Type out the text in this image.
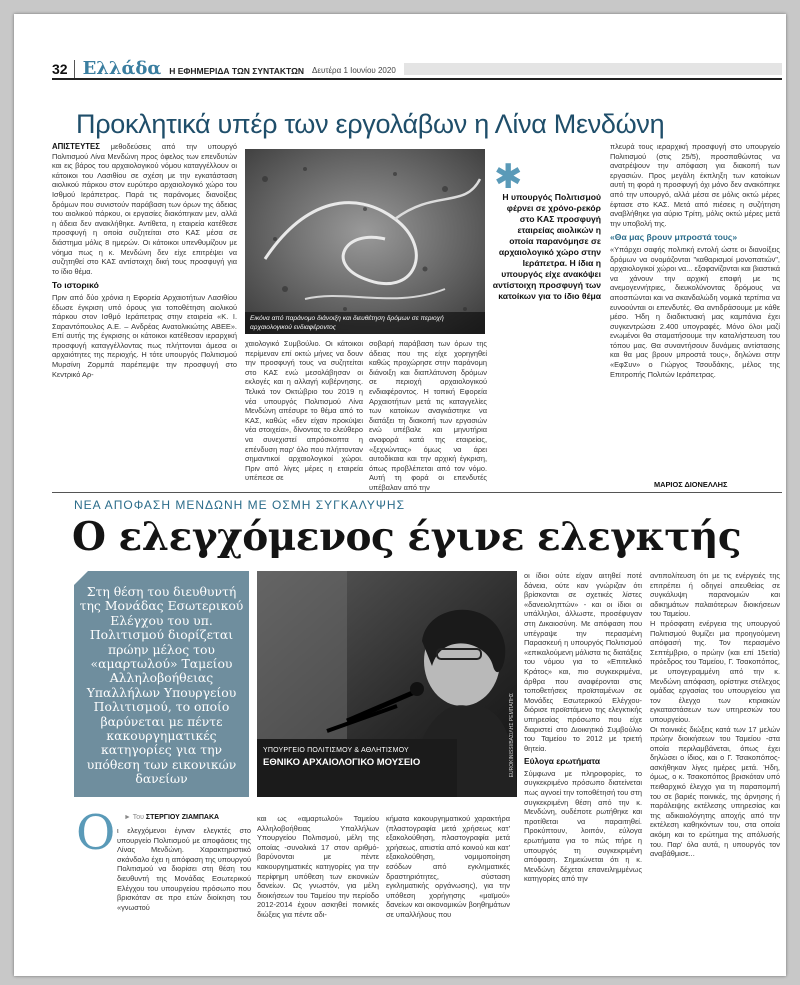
32 Ελλάδα Η ΕΦΗΜΕΡΙΔΑ ΤΩΝ ΣΥΝΤΑΚΤΩΝ Δευτέρα 1 Ιουνίου 2020
Προκλητικά υπέρ των εργολάβων η Λίνα Μενδώνη
ΑΠΙΣΤΕΥΤΕΣ μεθοδεύσεις από την υπουργό Πολιτισμού Λίνα Μενδώνη προς όφελος των επενδυτών και εις βάρος του αρχαιολογικού νόμου καταγγέλλουν οι κάτοικοι του Λασιθίου σε σχέση με την εγκατάσταση αιολικού πάρκου στον ευρύτερο αρχαιολογικό χώρο του Ισθμού Ιεράπετρας. Παρά τις παράνομες διανοίξεις δρόμων που συνιστούν παράβαση των όρων της άδειας του αιολικού πάρκου, οι εργασίες διακόπηκαν μεν, αλλά η άδεια δεν ανακλήθηκε. Αντίθετα, η εταιρεία κατέθεσε προσφυγή η οποία συζητείται στο ΚΑΣ μέσα σε διάστημα μόλις 8 ημερών. Οι κάτοικοι υπενθυμίζουν με νόημα πως η κ. Μενδώνη δεν είχε επιτρέψει να συζητηθεί στο ΚΑΣ αντίστοιχη δική τους προσφυγή για το ίδιο θέμα.
Το ιστορικό
Πριν από δύο χρόνια η Εφορεία Αρχαιοτήτων Λασιθίου έδωσε έγκριση υπό όρους για τοποθέτηση αιολικού πάρκου στον Ισθμό Ιεράπετρας στην εταιρεία «Κ. Ι. Σαραντόπουλος Α.Ε. – Ανδρέας Ανατολικιώτης ΑΒΕΕ». Επί αυτής της έγκρισης οι κάτοικοι κατέθεσαν ιεραρχική προσφυγή καταγγέλλοντας πως πλήττονται άμεσα οι αρχαιότητες της περιοχής. Η τότε υπουργός Πολιτισμού Μυρσίνη Ζορμπά παρέπεμψε την προσφυγή στο Κεντρικό Αρ-
Εικόνα από παράνομο διάνοιξη και διευθέτηση δρόμων σε περιοχή αρχαιολογικού ενδιαφέροντος
✱
Η υπουργός Πολιτισμού φέρνει σε χρόνο-ρεκόρ στο ΚΑΣ προσφυγή εταιρείας αιολικών η οποία παρανόμησε σε αρχαιολογικό χώρο στην Ιεράπετρα. Η ίδια η υπουργός είχε ανακόψει αντίστοιχη προσφυγή των κατοίκων για το ίδιο θέμα
χαιολογικό Συμβούλιο. Οι κάτοικοι περίμεναν επί οκτώ μήνες να δουν την προσφυγή τους να συζητείται στο ΚΑΣ ενώ μεσολάβησαν οι εκλογές και η αλλαγή κυβέρνησης. Τελικά τον Οκτώβριο του 2019 η νέα υπουργός Πολιτισμού Λίνα Μενδώνη απέσυρε το θέμα από το ΚΑΣ, καθώς «δεν είχαν προκύψει νέα στοιχεία», δίνοντας το ελεύθερο να συνεχιστεί απρόσκοπτα η επένδυση παρ' όλο που πλήττονταν σημαντικοί αρχαιολογικοί χώροι. Πριν από λίγες μέρες η εταιρεία υπέπεσε σε
σοβαρή παράβαση των όρων της άδειας που της είχε χορηγηθεί καθώς προχώρησε στην παράνομη διάνοιξη και διαπλάτυνση δρόμων σε περιοχή αρχαιολογικού ενδιαφέροντος. Η τοπική Εφορεία Αρχαιοτήτων μετά τις καταγγελίες των κατοίκων αναγκάστηκε να διατάξει τη διακοπή των εργασιών ενώ υπέβαλε και μηνυτήρια αναφορά κατά της εταιρείας, «ξεχνώντας» όμως να άρει αυτοδίκαια και την αρχική έγκριση, όπως προβλέπεται από τον νόμο. Αυτή τη φορά οι επενδυτές υπέβαλαν από την
πλευρά τους ιεραρχική προσφυγή στο υπουργείο Πολιτισμού (στις 25/5), προσπαθώντας να ανατρέψουν την απόφαση για διακοπή των εργασιών. Προς μεγάλη έκπληξη των κατοίκων αυτή τη φορά η προσφυγή όχι μόνο δεν ανακόπηκε από την υπουργό, αλλά μέσα σε μόλις οκτώ μέρες έφτασε στο ΚΑΣ. Μετά από πιέσεις η συζήτηση αναβλήθηκε για αύριο Τρίτη, μόλις οκτώ μέρες μετά την υποβολή της.
«Θα μας βρουν μπροστά τους»
«Υπάρχει σαφής πολιτική εντολή ώστε οι διανοίξεις δρόμων να ονομάζονται "καθαρισμοί μονοπατιών", αρχαιολογικοί χώροι να... εξαφανίζονται και βιαστικά να χάνουν την αρχική επαφή με τις ανεμογεννήτριες, διευκολύνοντας δρόμους να αποσπώνται και να σκανδαλώδη νομικά τερτίπια να ευνοούνται οι επενδυτές. Θα αντιδράσουμε με κάθε μέσο. Ήδη η διαδικτυακή μας καμπάνια έχει συγκεντρώσει 2.400 υπογραφές. Μόνο όλοι μαζί ενωμένοι θα σταματήσουμε την καταλήστευση του τόπου μας. Θα συναντήσουν δυνάμεις αντίστασης και θα μας βρουν μπροστά τους», δηλώνει στην «ΕφΣυν» ο Γιώργος Τσουδάκης, μέλος της Επιτροπής Πολιτών Ιεράπετρας.
ΜΑΡΙΟΣ ΔΙΟΝΕΛΛΗΣ
ΝΕΑ ΑΠΟΦΑΣΗ ΜΕΝΔΩΝΗ ΜΕ ΟΣΜΗ ΣΥΓΚΑΛΥΨΗΣ
Ο ελεγχόμενος έγινε ελεγκτής
Στη θέση του διευθυντή της Μονάδας Εσωτερικού Ελέγχου του υπ. Πολιτισμού διορίζεται πρώην μέλος του «αμαρτωλού» Ταμείου Αλληλοβοήθειας Υπαλλήλων Υπουργείου Πολιτισμού, το οποίο βαρύνεται με πέντε κακουργηματικές κατηγορίες για την υπόθεση των εικονικών δανείων
ΥΠΟΥΡΓΕΙΟ ΠΟΛΙΤΙΣΜΟΥ & ΑΘΛΗΤΙΣΜΟΥ
ΕΘΝΙΚΟ ΑΡΧΑΙΟΛΟΓΙΚΟ ΜΟΥΣΕΙΟ	EUROKINISSI/ΒΑΣΙΛΗΣ ΡΕΜΠΑΠΗΣ
► Του ΣΤΕΡΓΙΟΥ ΖΙΑΜΠΑΚΑ
Ο ι ελεγχόμενοι έγιναν ελεγκτές στο υπουργείο Πολιτισμού με αποφάσεις της Λίνας Μενδώνη. Χαρακτηριστικό σκάνδαλο έχει η απόφαση της υπουργού Πολιτισμού να διορίσει στη θέση του διευθυντή της Μονάδας Εσωτερικού Ελέγχου του υπουργείου πρόσωπο που βρισκόταν σε προ ετών διοίκηση του «γνωστού
και ως «αμαρτωλού» Ταμείου Αλληλοβοήθειας Υπαλλήλων Υπουργείου Πολιτισμού, μέλη της οποίας -συνολικά 17 στον αριθμό- βαρύνονται με πέντε κακουργηματικές κατηγορίες για την περίφημη υπόθεση των εικονικών δανείων. Ως γνωστόν, για μέλη διοικήσεων του Ταμείου την περίοδο 2012-2014 έχουν ασκηθεί ποινικές διώξεις για πέντε αδι-
κήματα κακουργηματικού χαρακτήρα (πλαστογραφία μετά χρήσεως κατ' εξακολούθηση, πλαστογραφία μετά χρήσεως, απιστία από κοινού και κατ' εξακολούθηση, νομιμοποίηση εσόδων από εγκληματικές δραστηριότητες, σύσταση εγκληματικής οργάνωσης), για την υπόθεση χορήγησης «μαϊμού» δανείων και οικονομικών βοηθημάτων σε υπαλλήλους που
οι ίδιοι ούτε είχαν αιτηθεί ποτέ δάνεια, ούτε καν γνώριζαν ότι βρίσκονται σε σχετικές λίστες «δανειοληπτών» - και οι ίδιοι οι υπάλληλοι, άλλωστε, προσέφυγαν στη Δικαιοσύνη. Με απόφαση που υπέγραψε την περασμένη Παρασκευή η υπουργός Πολιτισμού «επικαλούμενη μάλιστα τις διατάξεις του νόμου για το «Επιτελικό Κράτος» και, πιο συγκεκριμένα, άρθρα που αναφέρονται στις τοποθετήσεις προϊσταμένων σε Μονάδες Εσωτερικού Ελέγχου- διόρισε προϊστάμενο της ελεγκτικής υπηρεσίας πρόσωπο που είχε διαριστεί στο Διοικητικό Συμβούλιο του Ταμείου το 2012 με τριετή θητεία.
Εύλογα ερωτήματα
Σύμφωνα με πληροφορίες, το συγκεκριμένο πρόσωπο διατείνεται πως αγνοεί την τοποθέτησή του στη συγκεκριμένη θέση από την κ. Μενδώνη, ουδέποτε ρωτήθηκε και προτίθεται να παραιτηθεί. Προκύπτουν, λοιπόν, εύλογα ερωτήματα για το πώς πήρε η υπουργός τη συγκεκριμένη απόφαση. Σημειώνεται ότι η κ. Μενδώνη δέχεται επανειλημμένως κατηγορίες από την
αντιπολίτευση ότι με τις ενέργειές της επιτρέπει ή οδηγεί απευθείας σε συγκάλυψη παρανομιών και αδικημάτων παλαιότερων διοικήσεων του Ταμείου.
Η πρόσφατη ενέργεια της υπουργού Πολιτισμού θυμίζει μια προηγούμενη απόφασή της. Τον περασμένο Σεπτέμβριο, ο πρώην (και επί 15ετία) πρόεδρος του Ταμείου, Γ. Τσακοπόπος, με υπογεγραμμένη από την κ. Μενδώνη απόφαση, ορίστηκε στέλεχος ομάδας εργασίας του υπουργείου για τον έλεγχο των κτιριακών εγκαταστάσεων των υπηρεσιών του υπουργείου.
Οι ποινικές διώξεις κατά των 17 μελών πρώην διοικήσεων του Ταμείου -στα οποία περιλαμβάνεται, όπως έχει δηλώσει ο ίδιος, και ο Γ. Τσακοπόπος- ασκήθηκαν λίγες ημέρες μετά. Ήδη, όμως, ο κ. Τσακοπόπος βρισκόταν υπό πειθαρχικό έλεγχο για τη παραπομπή του σε βαριές ποινικές, της άρνησης ή παράλειψης εκτέλεσης υπηρεσίας και της αδικαιολόγητης αποχής από την εκτέλεση καθηκόντων του, στα οποία ακόμη και το ερώτημα της απόλυσής του. Παρ' όλα αυτά, η υπουργός τον αναβάθμισε...
